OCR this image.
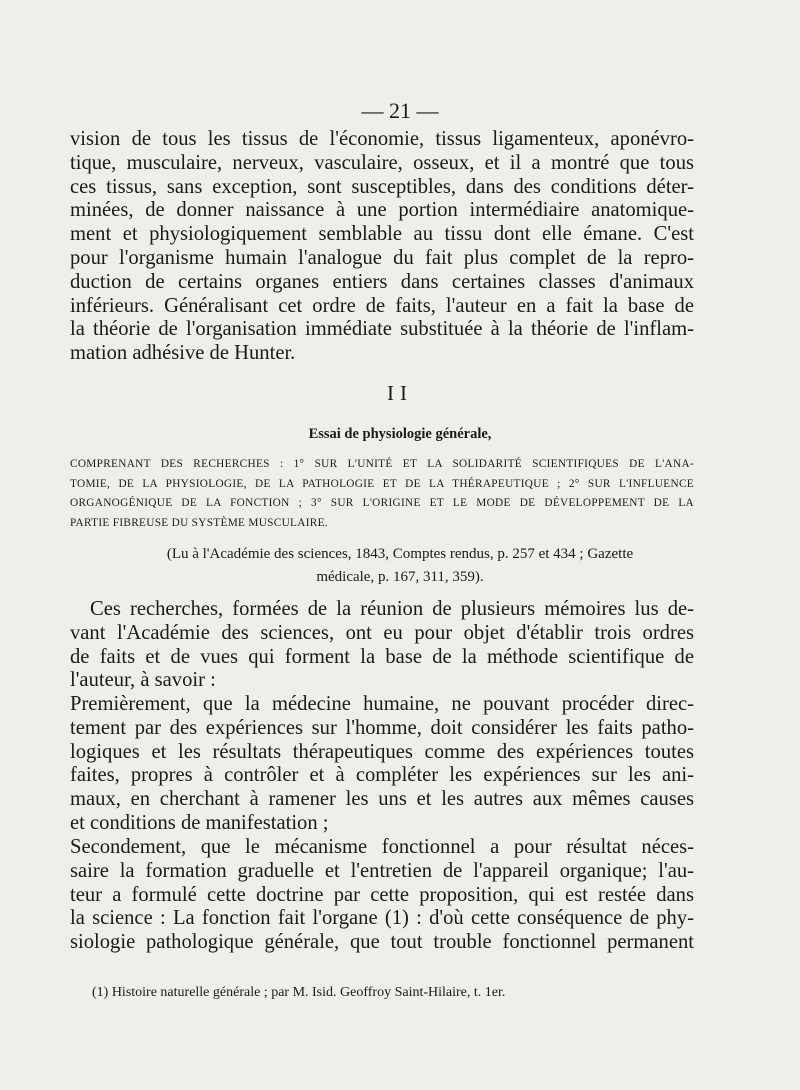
— 21 —
vision de tous les tissus de l'économie, tissus ligamenteux, aponévro-
tique, musculaire, nerveux, vasculaire, osseux, et il a montré que tous
ces tissus, sans exception, sont susceptibles, dans des conditions déter-
minées, de donner naissance à une portion intermédiaire anatomique-
ment et physiologiquement semblable au tissu dont elle émane. C'est
pour l'organisme humain l'analogue du fait plus complet de la repro-
duction de certains organes entiers dans certaines classes d'animaux
inférieurs. Généralisant cet ordre de faits, l'auteur en a fait la base de
la théorie de l'organisation immédiate substituée à la théorie de l'inflam-
mation adhésive de Hunter.
II
Essai de physiologie générale,
COMPRENANT DES RECHERCHES : 1° SUR L'UNITÉ ET LA SOLIDARITÉ SCIENTIFIQUES DE L'ANA-
TOMIE, DE LA PHYSIOLOGIE, DE LA PATHOLOGIE ET DE LA THÉRAPEUTIQUE ; 2° SUR L'INFLUENCE
ORGANOGÉNIQUE DE LA FONCTION ; 3° SUR L'ORIGINE ET LE MODE DE DÉVELOPPEMENT DE LA
PARTIE FIBREUSE DU SYSTÈME MUSCULAIRE.
(Lu à l'Académie des sciences, 1843, Comptes rendus, p. 257 et 434 ; Gazette
médicale, p. 167, 311, 359).
Ces recherches, formées de la réunion de plusieurs mémoires lus de-
vant l'Académie des sciences, ont eu pour objet d'établir trois ordres
de faits et de vues qui forment la base de la méthode scientifique de
l'auteur, à savoir :
Premièrement, que la médecine humaine, ne pouvant procéder direc-
tement par des expériences sur l'homme, doit considérer les faits patho-
logiques et les résultats thérapeutiques comme des expériences toutes
faites, propres à contrôler et à compléter les expériences sur les ani-
maux, en cherchant à ramener les uns et les autres aux mêmes causes
et conditions de manifestation ;
Secondement, que le mécanisme fonctionnel a pour résultat néces-
saire la formation graduelle et l'entretien de l'appareil organique; l'au-
teur a formulé cette doctrine par cette proposition, qui est restée dans
la science : La fonction fait l'organe (1) : d'où cette conséquence de phy-
siologie pathologique générale, que tout trouble fonctionnel permanent
(1) Histoire naturelle générale ; par M. Isid. Geoffroy Saint-Hilaire, t. 1er.
